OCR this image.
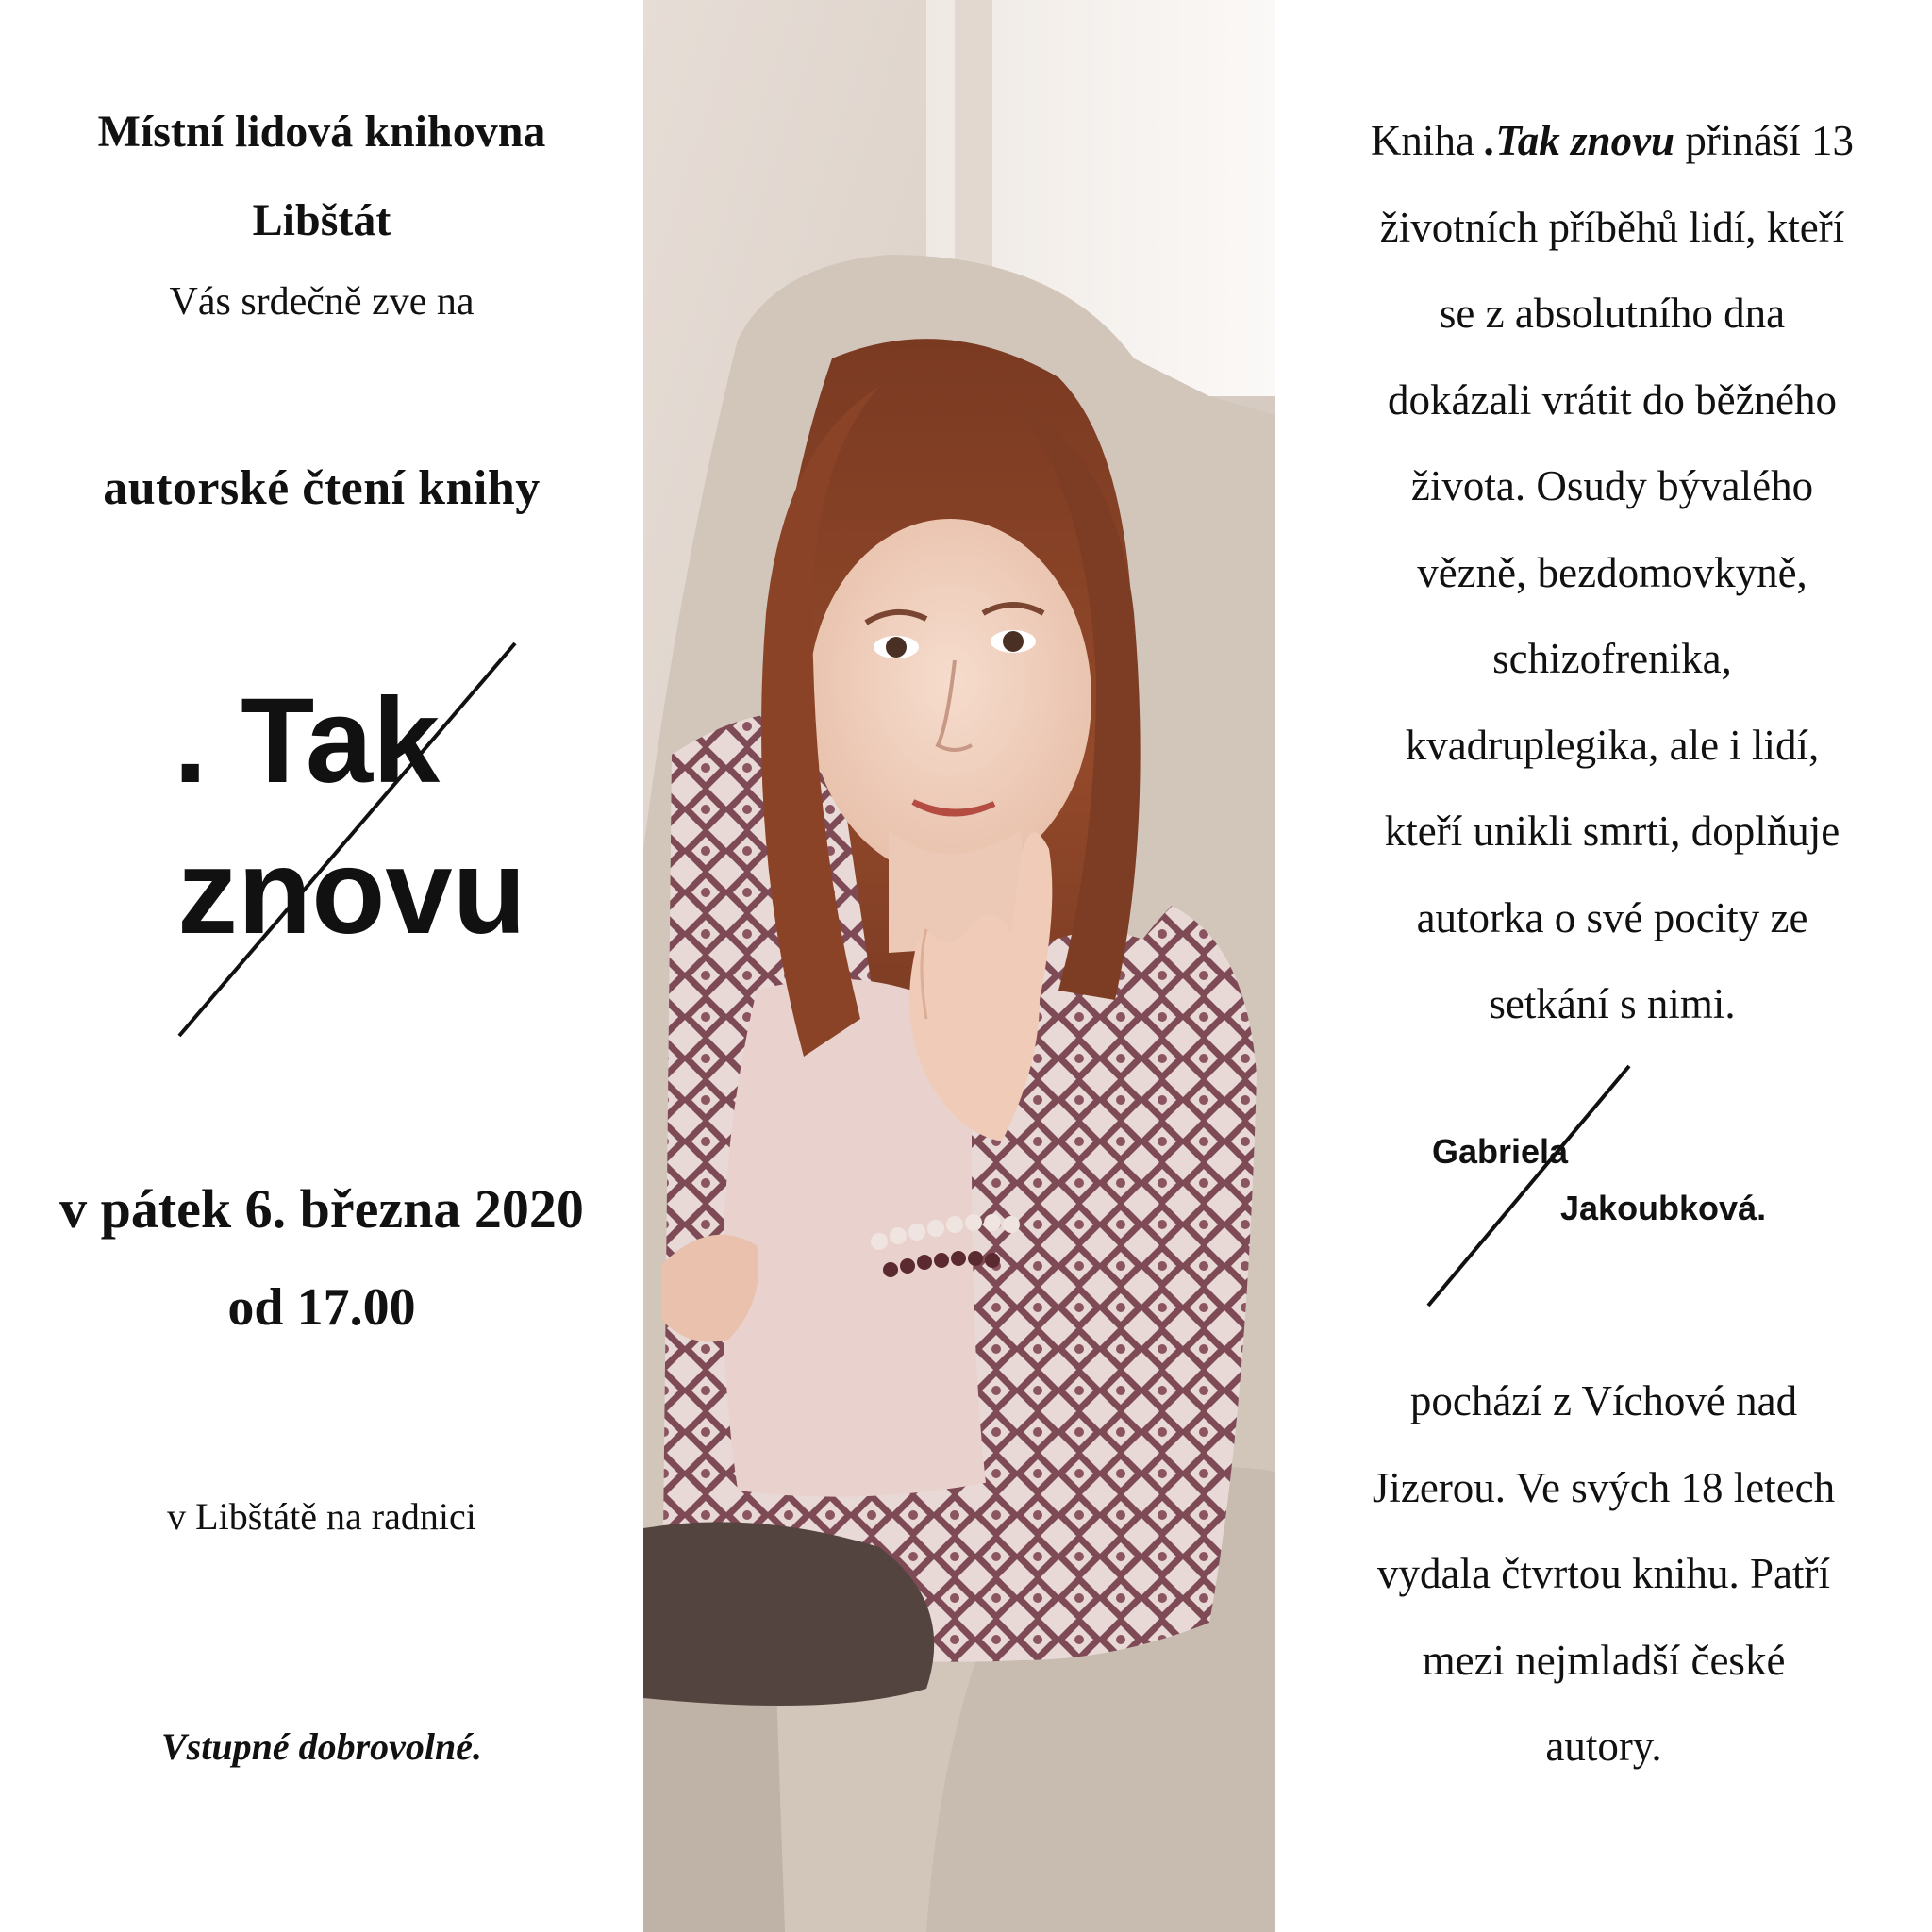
Místní lidová knihovna
Libštát
Vás srdečně zve na
autorské čtení knihy
. Tak
znovu
v pátek 6. března 2020
od 17.00
v Libštátě na radnici
Vstupné dobrovolné.
Kniha .Tak znovu přináší 13
životních příběhů lidí, kteří
se z absolutního dna
dokázali vrátit do běžného
života. Osudy bývalého
vězně, bezdomovkyně,
schizofrenika,
kvadruplegika, ale i lidí,
kteří unikli smrti, doplňuje
autorka o své pocity ze
setkání s nimi.
Gabriela
Jakoubková.
pochází z Víchové nad
Jizerou. Ve svých 18 letech
vydala čtvrtou knihu. Patří
mezi nejmladší české
autory.
